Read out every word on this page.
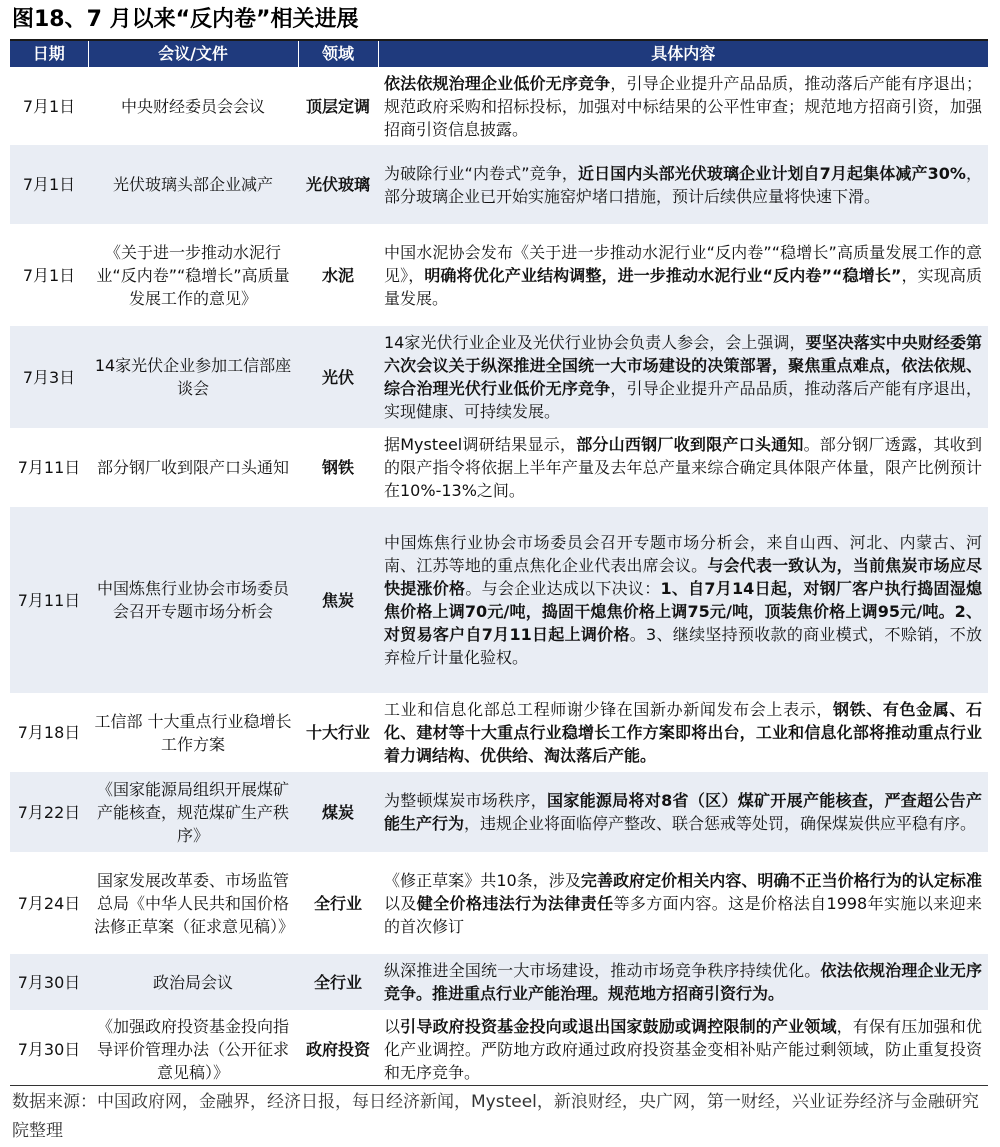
图18、7 月以来“反内卷”相关进展
日期	会议/文件	领域	具体内容
7月1日	中央财经委员会会议	顶层定调	依法依规治理企业低价无序竞争，引导企业提升产品品质，推动落后产能有序退出；规范政府采购和招标投标，加强对中标结果的公平性审查；规范地方招商引资，加强招商引资信息披露。
7月1日	光伏玻璃头部企业减产	光伏玻璃	为破除行业“内卷式”竞争，近日国内头部光伏玻璃企业计划自7月起集体减产30%，部分玻璃企业已开始实施窑炉堵口措施，预计后续供应量将快速下滑。
7月1日	《关于进一步推动水泥行业“反内卷”“稳增长”高质量发展工作的意见》	水泥	中国水泥协会发布《关于进一步推动水泥行业“反内卷”“稳增长”高质量发展工作的意见》，明确将优化产业结构调整，进一步推动水泥行业“反内卷”“稳增长”，实现高质量发展。
7月3日	14家光伏企业参加工信部座谈会	光伏	14家光伏行业企业及光伏行业协会负责人参会，会上强调，要坚决落实中央财经委第六次会议关于纵深推进全国统一大市场建设的决策部署，聚焦重点难点，依法依规、综合治理光伏行业低价无序竞争，引导企业提升产品品质，推动落后产能有序退出，实现健康、可持续发展。
7月11日	部分钢厂收到限产口头通知	钢铁	据Mysteel调研结果显示，部分山西钢厂收到限产口头通知。部分钢厂透露，其收到的限产指令将依据上半年产量及去年总产量来综合确定具体限产体量，限产比例预计在10%-13%之间。
7月11日	中国炼焦行业协会市场委员会召开专题市场分析会	焦炭	中国炼焦行业协会市场委员会召开专题市场分析会，来自山西、河北、内蒙古、河南、江苏等地的重点焦化企业代表出席会议。与会代表一致认为，当前焦炭市场应尽快提涨价格。与会企业达成以下决议：1、自7月14日起，对钢厂客户执行捣固湿熄焦价格上调70元/吨，捣固干熄焦价格上调75元/吨，顶装焦价格上调95元/吨。2、对贸易客户自7月11日起上调价格。3、继续坚持预收款的商业模式，不赊销，不放弃检斤计量化验权。
7月18日	工信部 十大重点行业稳增长工作方案	十大行业	工业和信息化部总工程师谢少锋在国新办新闻发布会上表示，钢铁、有色金属、石化、建材等十大重点行业稳增长工作方案即将出台，工业和信息化部将推动重点行业着力调结构、优供给、淘汰落后产能。
7月22日	《国家能源局组织开展煤矿产能核查，规范煤矿生产秩序》	煤炭	为整顿煤炭市场秩序，国家能源局将对8省（区）煤矿开展产能核查，严查超公告产能生产行为，违规企业将面临停产整改、联合惩戒等处罚，确保煤炭供应平稳有序。
7月24日	国家发展改革委、市场监管总局《中华人民共和国价格法修正草案（征求意见稿）》	全行业	《修正草案》共10条，涉及完善政府定价相关内容、明确不正当价格行为的认定标准以及健全价格违法行为法律责任等多方面内容。这是价格法自1998年实施以来迎来的首次修订
7月30日	政治局会议	全行业	纵深推进全国统一大市场建设，推动市场竞争秩序持续优化。依法依规治理企业无序竞争。推进重点行业产能治理。规范地方招商引资行为。
7月30日	《加强政府投资基金投向指导评价管理办法（公开征求意见稿）》	政府投资	以引导政府投资基金投向或退出国家鼓励或调控限制的产业领域，有保有压加强和优化产业调控。严防地方政府通过政府投资基金变相补贴产能过剩领域，防止重复投资和无序竞争。
数据来源：中国政府网，金融界，经济日报，每日经济新闻，Mysteel，新浪财经，央广网，第一财经，兴业证券经济与金融研究院整理
